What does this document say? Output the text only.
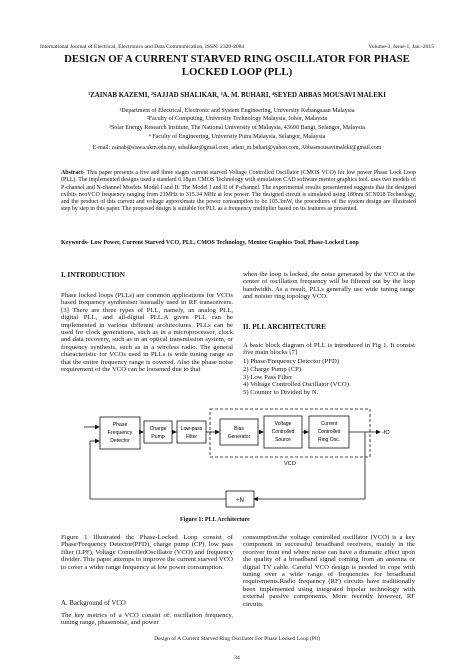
International Journal of Electrical, Electronics and Data Communication, ISSN: 2320-2084	Volume-3, Issue-1, Jan.-2015
DESIGN OF A CURRENT STARVED RING OSCILLATOR FOR PHASE
LOCKED LOOP (PLL)
¹ZAINAB KAZEMI, ²SAJJAD SHALIKAR, ³A. M. BUHARI, ⁴SEYED ABBAS MOUSAVI MALEKI
¹Department of Electrical, Electronic and System Engineering, University Kebangsaan Malaysia
²Faculty of Computing, University Technology Malaysia, Johor, Malaysia
³Solar Energy Research Institute, The National University of Malaysia, 43600 Bangi, Selangor, Malaysia
⁴ Faculty of Engineering, University Putra Malaysia, Selangor, Malaysia
E-mail: zainab@siswa.ukm.edu.my, sshalikar@gmail.com, adam_m.buhari@yahoo.com, Abbasmousavimaleki@gmail.com
Abstract- This paper presents a five and three stages current starved Voltage Controlled Oscillator (CMOS VCO) for low power Phase Lock Loop (PLL). The implemented designs used a standard 0.18μm CMOS Technology with simulation CAD software mentor graphics tool. uses two models of P-channel and N-channel Mosfets Model I and II. The Model I and II of P-channel. The experimental results presentented suggests that the designed exibits twoVCO frequency ranging from 21MHz to 315.34 MHz at low power. The designed circuit is simulated using 180nm SCN018 Technology, and the product of this current and voltage approximate the power consumption to be 105.3mW, the procedures of the system design are illustrated step by step in this paper. The proposed design is suitable for PLL as a frequency multiplier based on its features as presented.
Keywords- Low Power, Current Starved VCO, PLL, CMOS Technology, Mentor Graphics Tool, Phase-Locked Loop
I. INTRODUCTION
Phase locked loops (PLLs) are common applications for VCOs based frequency synthesiser isusually used in RF transceivers.[3] There are three types of PLL, namely, an analog PLL, digital PLL, and all-digital PLL.A given PLL can be implemented in various different architectures. PLLs can be used for clock generations, such as in a microprocessor, clock and data recovery, such as in an optical transmission system, or frequency synthesis, such as in a wireless radio. The general characteristic for VCOs used in PLLs is wide tuning range so that the entire frequency range is covered. Also the phase noise requirement of the VCO can be loosened due to that
when the loop is locked, the noise generated by the VCO at the center of oscillation frequency will be filtered out by the loop bandwidth. As a result, PLLs generally use wide tuning range and noisier ring topology VCO.
II. PLL ARCHITECTURE
A basic block diagram of PLL is introduced in Fig 1. It consist five main blocks [7]
1) Phase/Frequency Detector (PFD)
2) Charge Pump (CP)
3) Low Pass Filter
4) Voltage Controlled Oscillator (VCO)
5) Counter to Divided by N.
VCO
Phase
Frequency
Detector
Charge
Pump
Low-pass
Filter
Bias
Generator
Voltage
Controlled
Source
Current
Controlled
Ring Osc.
-fO
÷N
Figure 1: PLL Architecture
Figure 1 Illustrated the Phase-Locked Loop consist of Phase/Frequency Detector(PFD), charge pump (CP), low pass filter (LPF), Voltage ControlledOscillator (VCO) and frequency divider. This paper attemps to improve the current starved VCO to cover a wider range frequency at low power consumption.
A. Background of VCO
The key metrics of a VCO consist of: oscillation frequency, tuning range, phasenoise, and power
consumption.the voltage controlled oscillator (VCO) is a key component in successful broadband receivers, mainly in the receiver front end where noise can have a dramatic effect upon the quality of a broadband signal coming from an antenna or digital TV cable. Careful VCO design is needed to cope with tuning over a wide range of frequencies for broadband requirements.Radio frequency (RF) circuits have traditionally been implemented using integrated bipolar technology with external passive components. More recently however, RF circuits
Design of A Current Starved Ring Oscillator For Phase Locked Loop (Pll)
34
